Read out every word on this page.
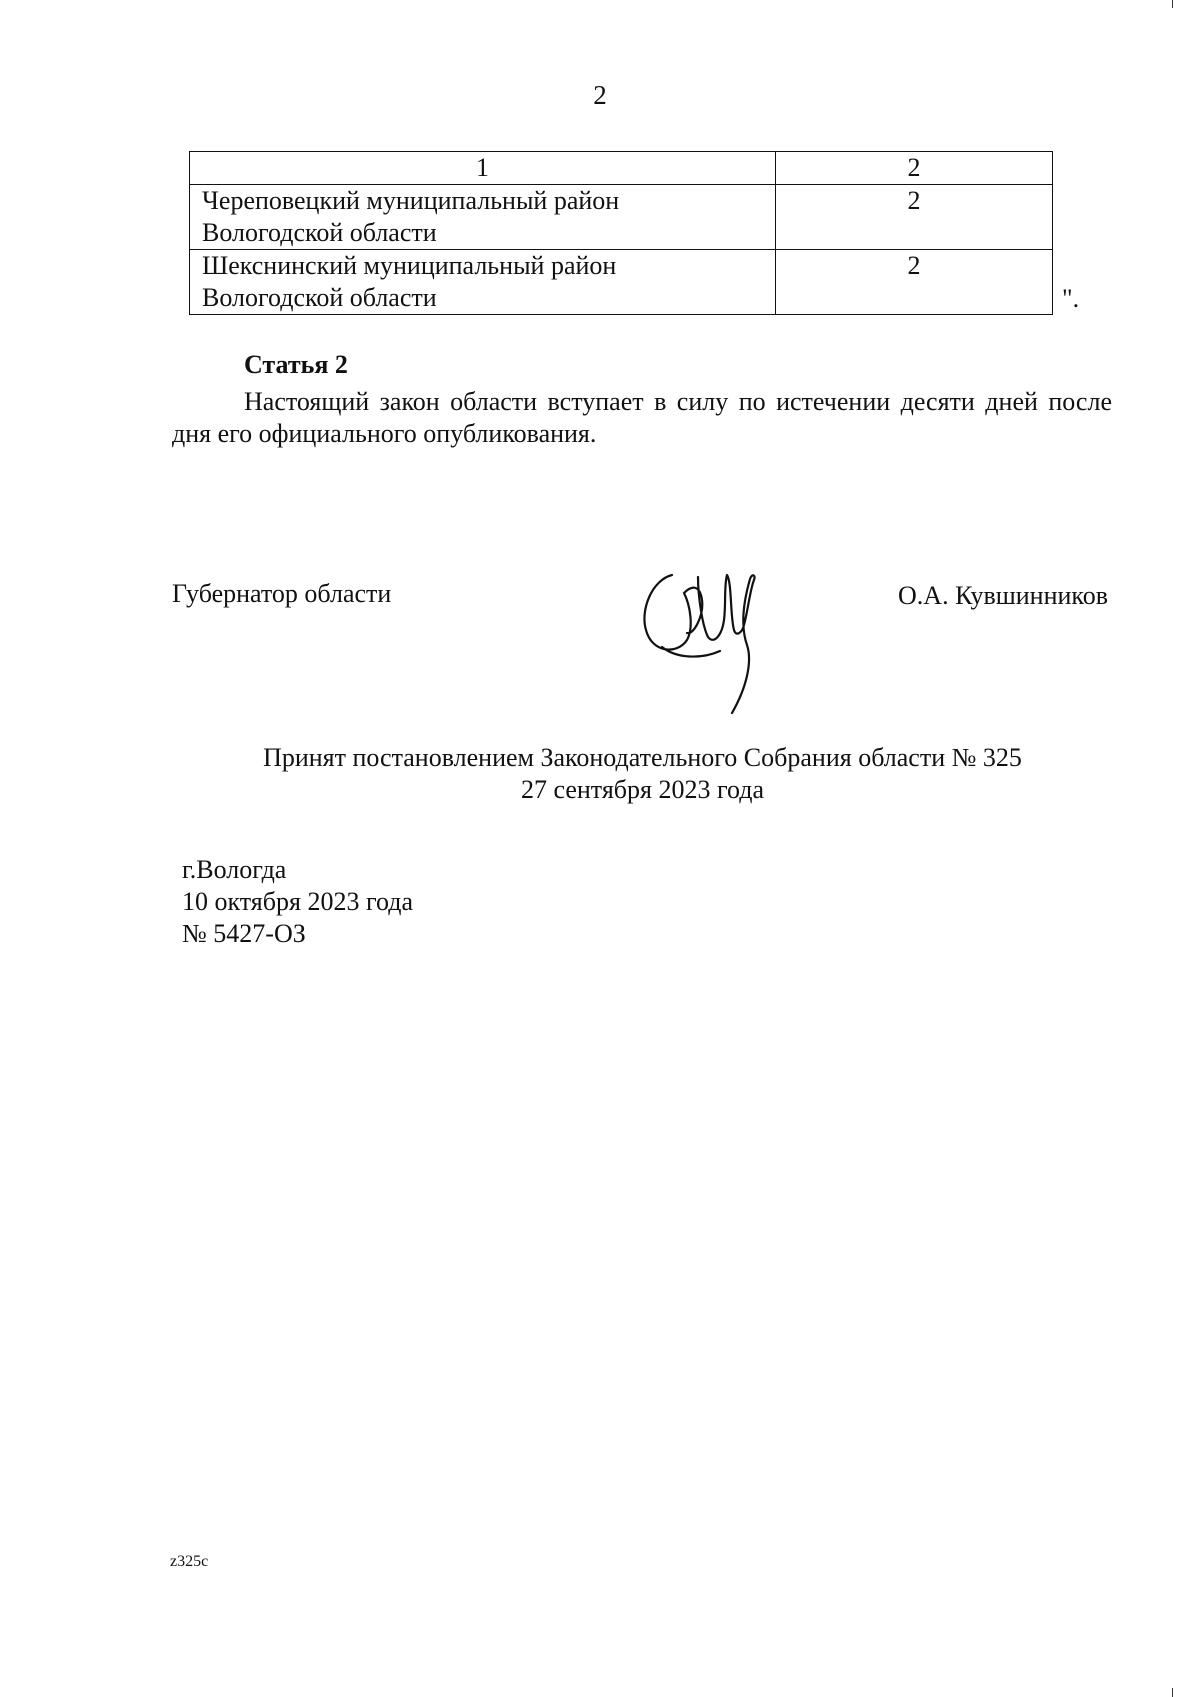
2
1	2

Череповецкий муниципальный район
Вологодской области	2

Шекснинский муниципальный район
Вологодской области	2
".
Статья 2
Настоящий закон области вступает в силу по истечении десяти дней после дня его официального опубликования.
Губернатор области	О.А. Кувшинников
Принят постановлением Законодательного Собрания области № 325
27 сентября 2023 года
г.Вологда
10 октября 2023 года
№ 5427-ОЗ
z325c
